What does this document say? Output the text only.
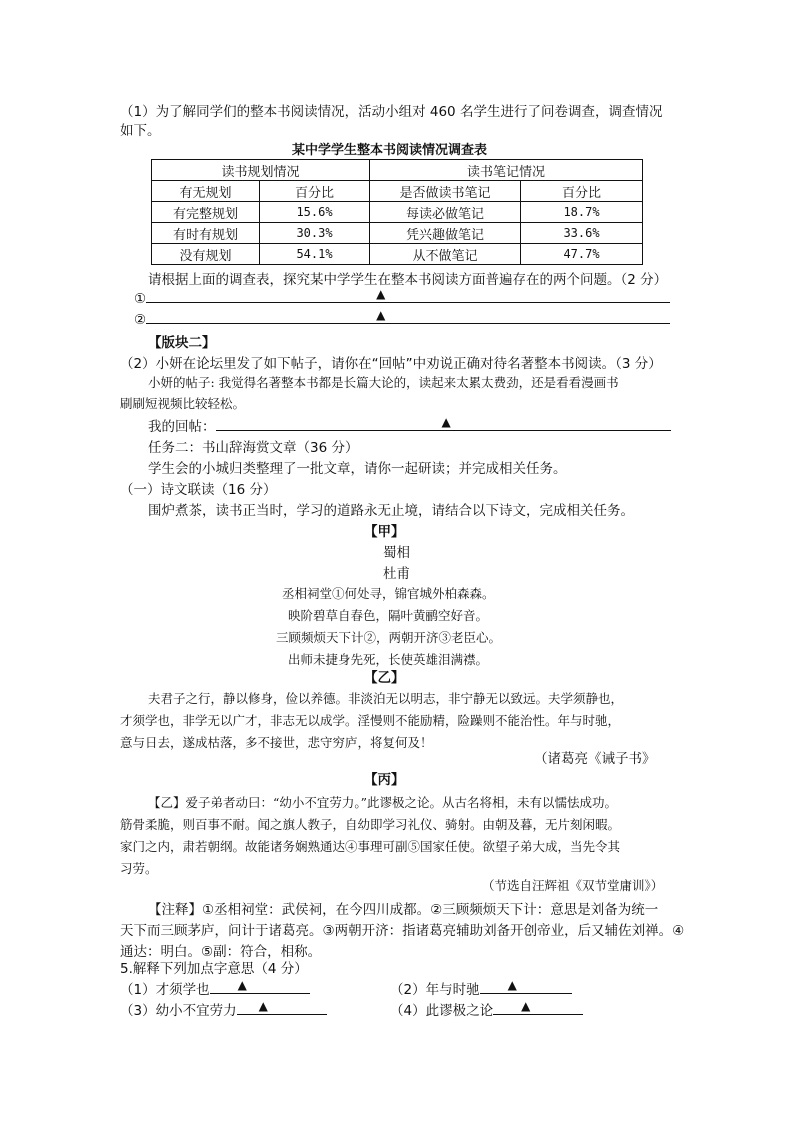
（1）为了解同学们的整本书阅读情况，活动小组对 460 名学生进行了问卷调查，调查情况
如下。
某中学学生整本书阅读情况调查表
读书规划情况		读书笔记情况	
有无规划	百分比	是否做读书笔记	百分比
有完整规划	15.6%	每读必做笔记	18.7%
有时有规划	30.3%	凭兴趣做笔记	33.6%
没有规划	54.1%	从不做笔记	47.7%
请根据上面的调查表，探究某中学学生在整本书阅读方面普遍存在的两个问题。（2 分）
①	▲
②	▲
【版块二】
（2）小妍在论坛里发了如下帖子，请你在“回帖”中劝说正确对待名著整本书阅读。（3 分）
小妍的帖子: 我觉得名著整本书都是长篇大论的，读起来太累太费劲，还是看看漫画书
刷刷短视频比较轻松。
我的回帖：	▲
任务二：书山辞海赏文章（36 分）
学生会的小城归类整理了一批文章，请你一起研读；并完成相关任务。
（一）诗文联读（16 分）
围炉煮茶，读书正当时，学习的道路永无止境，请结合以下诗文，完成相关任务。
【甲】
蜀相
杜甫
丞相祠堂①何处寻，锦官城外柏森森。
映阶碧草自春色，隔叶黄鹂空好音。
三顾频烦天下计②，两朝开济③老臣心。
出师未捷身先死，长使英雄泪满襟。
【乙】
夫君子之行，静以修身，俭以养德。非淡泊无以明志，非宁静无以致远。夫学须静也，
才须学也，非学无以广才，非志无以成学。淫慢则不能励精，险躁则不能治性。年与时驰，
意与日去，遂成枯落，多不接世，悲守穷庐，将复何及！
（诸葛亮《诫子书》
【丙】
【乙】爱子弟者动曰：“幼小不宜劳力。”此谬极之论。从古名将相，未有以懦怯成功。
筋骨柔脆，则百事不耐。闻之旗人教子，自幼即学习礼仪、骑射。由朝及暮，无片刻闲暇。
家门之内，肃若朝纲。故能诸务娴熟通达④事理可副⑤国家任使。欲望子弟大成，当先令其
习劳。
（节选自汪辉祖《双节堂庸训》）
【注释】①丞相祠堂：武侯祠，在今四川成都。②三顾频烦天下计：意思是刘备为统一
天下而三顾茅庐，问计于诸葛亮。③两朝开济：指诸葛亮辅助刘备开创帝业，后又辅佐刘禅。④
通达：明白。⑤副：符合，相称。
5.解释下列加点字意思（4 分）
（1）才须学也 ▲	（2）年与时驰 ▲
（3）幼小不宜劳力 ▲	（4）此谬极之论 ▲
